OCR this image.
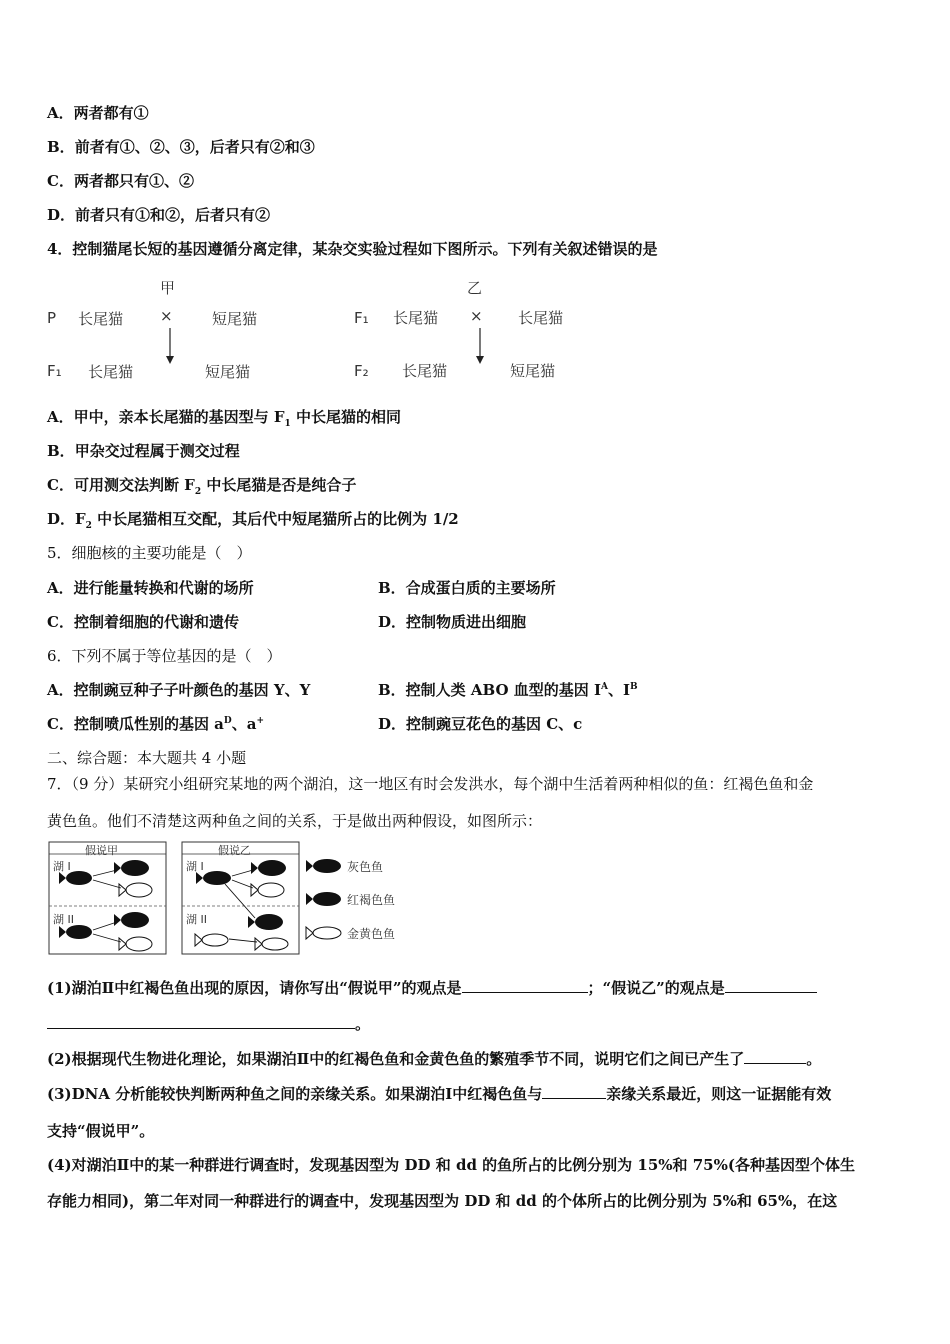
A．两者都有①
B．前者有①、②、③，后者只有②和③
C．两者都只有①、②
D．前者只有①和②，后者只有②
4．控制猫尾长短的基因遵循分离定律，某杂交实验过程如下图所示。下列有关叙述错误的是
甲	乙
P 长尾猫 ×	短尾猫	F₁ 长尾猫 × 长尾猫
F₁ 长尾猫	短尾猫	F₂ 长尾猫	短尾猫
A．甲中，亲本长尾猫的基因型与 $F_1$ 中长尾猫的相同
B．甲杂交过程属于测交过程
C．可用测交法判断 $F_2$ 中长尾猫是否是纯合子
D．$F_2$ 中长尾猫相互交配，其后代中短尾猫所占的比例为 1/2
5．细胞核的主要功能是（　）
A．进行能量转换和代谢的场所	B．合成蛋白质的主要场所
C．控制着细胞的代谢和遗传	D．控制物质进出细胞
6．下列不属于等位基因的是（　）
A．控制豌豆种子子叶颜色的基因 Y、Y	B．控制人类 ABO 血型的基因 $I^A$、$I^B$
C．控制喷瓜性别的基因 $a^D$、a+	D．控制豌豆花色的基因 C、c
二、综合题：本大题共 4 小题
7．（9 分）某研究小组研究某地的两个湖泊，这一地区有时会发洪水，每个湖中生活着两种相似的鱼：红褐色鱼和金
黄色鱼。他们不清楚这两种鱼之间的关系，于是做出两种假设，如图所示：
假说甲	假说乙
湖 I
湖 II
湖 I
湖 II
灰色鱼
红褐色鱼
金黄色鱼
(1)湖泊Ⅱ中红褐色鱼出现的原因，请你写出“假说甲”的观点是	；“假说乙”的观点是
。
(2)根据现代生物进化理论，如果湖泊Ⅱ中的红褐色鱼和金黄色鱼的繁殖季节不同，说明它们之间已产生了	。
(3)DNA 分析能较快判断两种鱼之间的亲缘关系。如果湖泊Ⅰ中红褐色鱼与	亲缘关系最近，则这一证据能有效
支持“假说甲”。
(4)对湖泊Ⅱ中的某一种群进行调查时，发现基因型为 DD 和 dd 的鱼所占的比例分别为 15%和 75%(各种基因型个体生
存能力相同)，第二年对同一种群进行的调查中，发现基因型为 DD 和 dd 的个体所占的比例分别为 5%和 65%，在这
